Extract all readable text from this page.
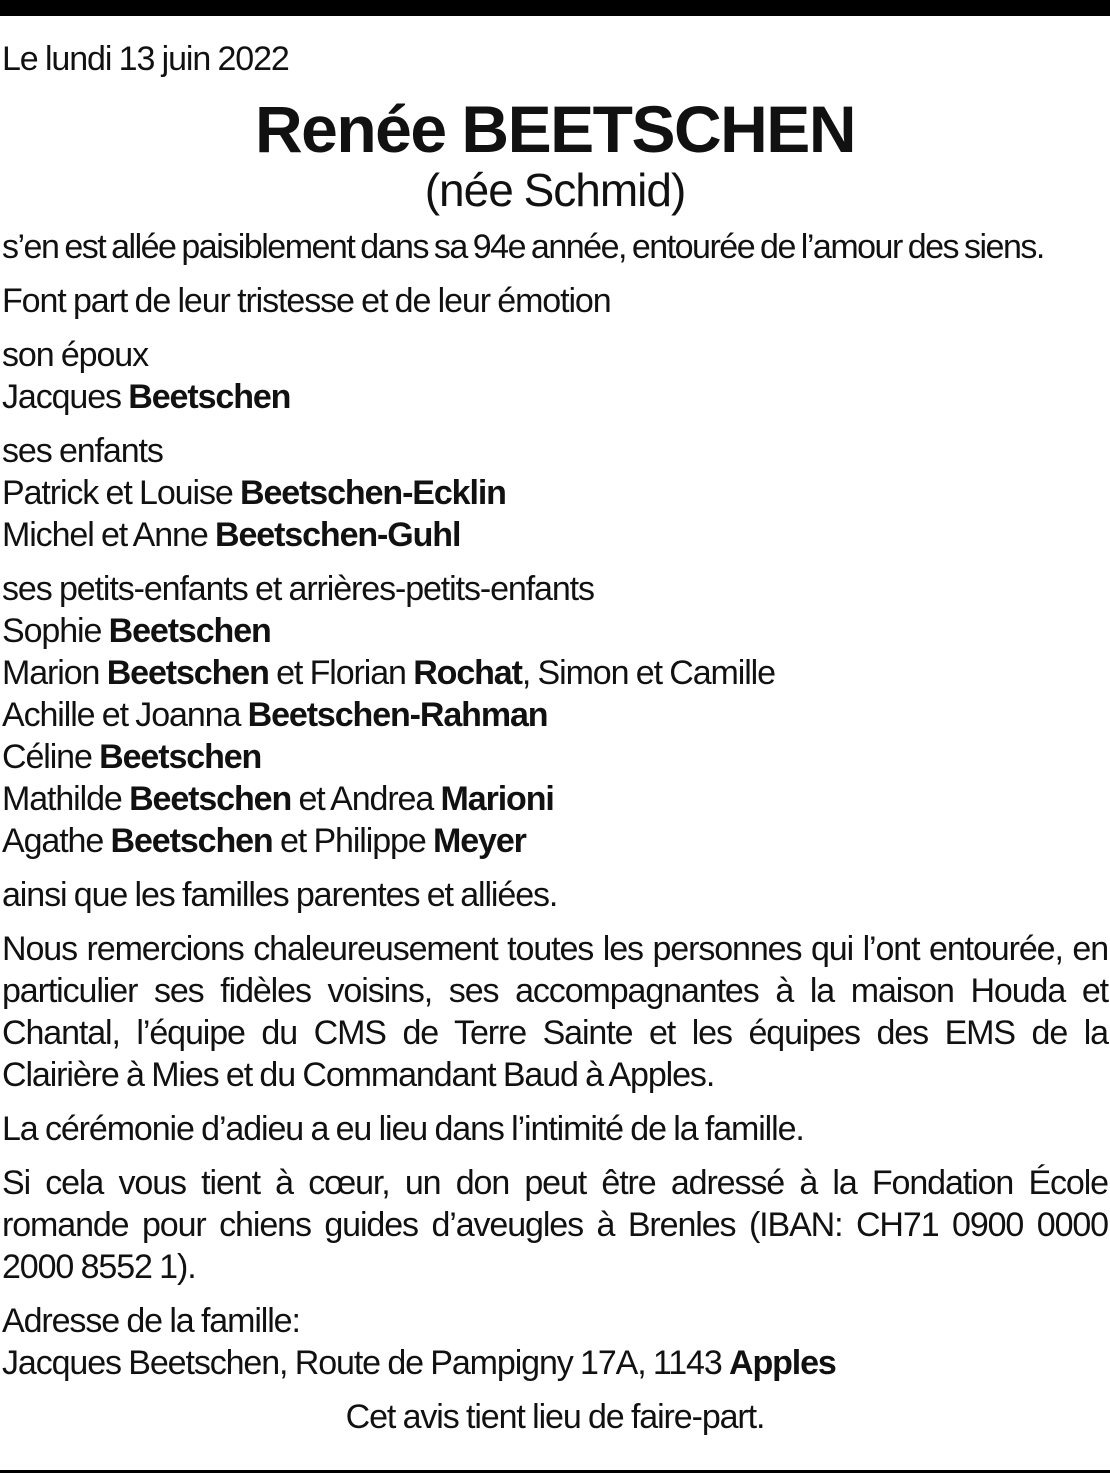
Le lundi 13 juin 2022
Renée BEETSCHEN
(née Schmid)

s’en est allée paisiblement dans sa 94e année, entourée de l’amour des siens.

Font part de leur tristesse et de leur émotion

son époux
Jacques Beetschen
ses enfants
Patrick et Louise Beetschen-Ecklin
Michel et Anne Beetschen-Guhl
ses petits-enfants et arrières-petits-enfants
Sophie Beetschen
Marion Beetschen et Florian Rochat, Simon et Camille
Achille et Joanna Beetschen-Rahman
Céline Beetschen
Mathilde Beetschen et Andrea Marioni
Agathe Beetschen et Philippe Meyer

ainsi que les familles parentes et alliées.

Nous remercions chaleureusement toutes les personnes qui l’ont entourée, en particulier ses fidèles voisins, ses accompagnantes à la maison Houda et Chantal, l’équipe du CMS de Terre Sainte et les équipes des EMS de la Clairière à Mies et du Commandant Baud à Apples.

La cérémonie d’adieu a eu lieu dans l’intimité de la famille.

Si cela vous tient à cœur, un don peut être adressé à la Fondation École romande pour chiens guides d’aveugles à Brenles (IBAN: CH71 0900 0000 2000 8552 1).

Adresse de la famille:
Jacques Beetschen, Route de Pampigny 17A, 1143 Apples
Cet avis tient lieu de faire-part.
